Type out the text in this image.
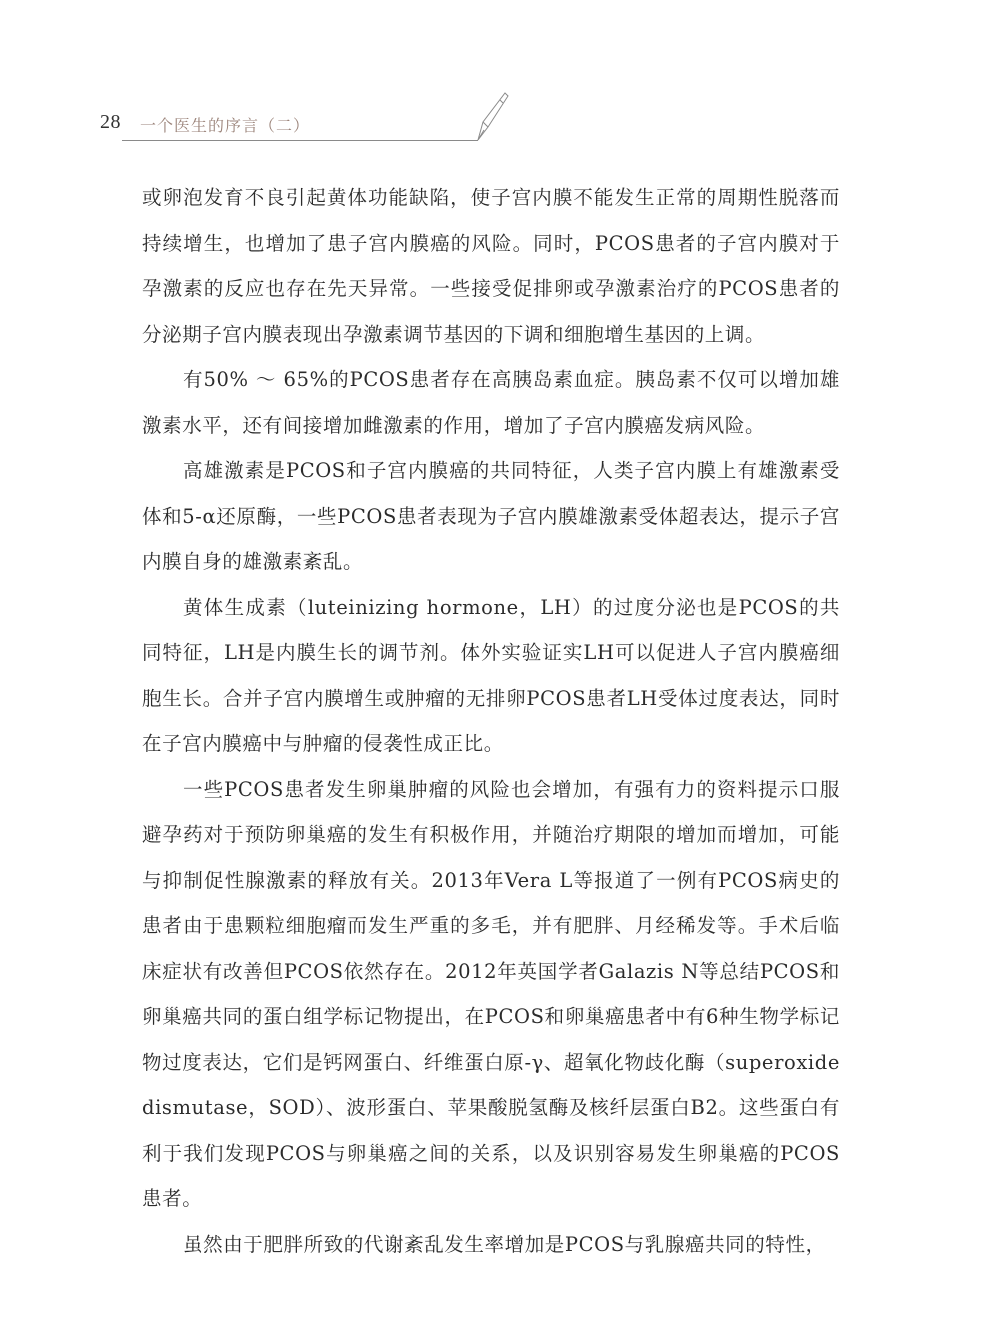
28 一个医生的序言（二）

或卵泡发育不良引起黄体功能缺陷，使子宫内膜不能发生正常的周期性脱落而持续增生，也增加了患子宫内膜癌的风险。同时，PCOS患者的子宫内膜对于孕激素的反应也存在先天异常。一些接受促排卵或孕激素治疗的PCOS患者的分泌期子宫内膜表现出孕激素调节基因的下调和细胞增生基因的上调。

有50% ～ 65%的PCOS患者存在高胰岛素血症。胰岛素不仅可以增加雄激素水平，还有间接增加雌激素的作用，增加了子宫内膜癌发病风险。

高雄激素是PCOS和子宫内膜癌的共同特征，人类子宫内膜上有雄激素受体和5-α还原酶，一些PCOS患者表现为子宫内膜雄激素受体超表达，提示子宫内膜自身的雄激素紊乱。

黄体生成素（luteinizing hormone，LH）的过度分泌也是PCOS的共同特征，LH是内膜生长的调节剂。体外实验证实LH可以促进人子宫内膜癌细胞生长。合并子宫内膜增生或肿瘤的无排卵PCOS患者LH受体过度表达，同时在子宫内膜癌中与肿瘤的侵袭性成正比。

一些PCOS患者发生卵巢肿瘤的风险也会增加，有强有力的资料提示口服避孕药对于预防卵巢癌的发生有积极作用，并随治疗期限的增加而增加，可能与抑制促性腺激素的释放有关。2013年Vera L等报道了一例有PCOS病史的患者由于患颗粒细胞瘤而发生严重的多毛，并有肥胖、月经稀发等。手术后临床症状有改善但PCOS依然存在。2012年英国学者Galazis N等总结PCOS和卵巢癌共同的蛋白组学标记物提出，在PCOS和卵巢癌患者中有6种生物学标记物过度表达，它们是钙网蛋白、纤维蛋白原-γ、超氧化物歧化酶（superoxide dismutase，SOD）、波形蛋白、苹果酸脱氢酶及核纤层蛋白B2。这些蛋白有利于我们发现PCOS与卵巢癌之间的关系，以及识别容易发生卵巢癌的PCOS患者。

虽然由于肥胖所致的代谢紊乱发生率增加是PCOS与乳腺癌共同的特性，
